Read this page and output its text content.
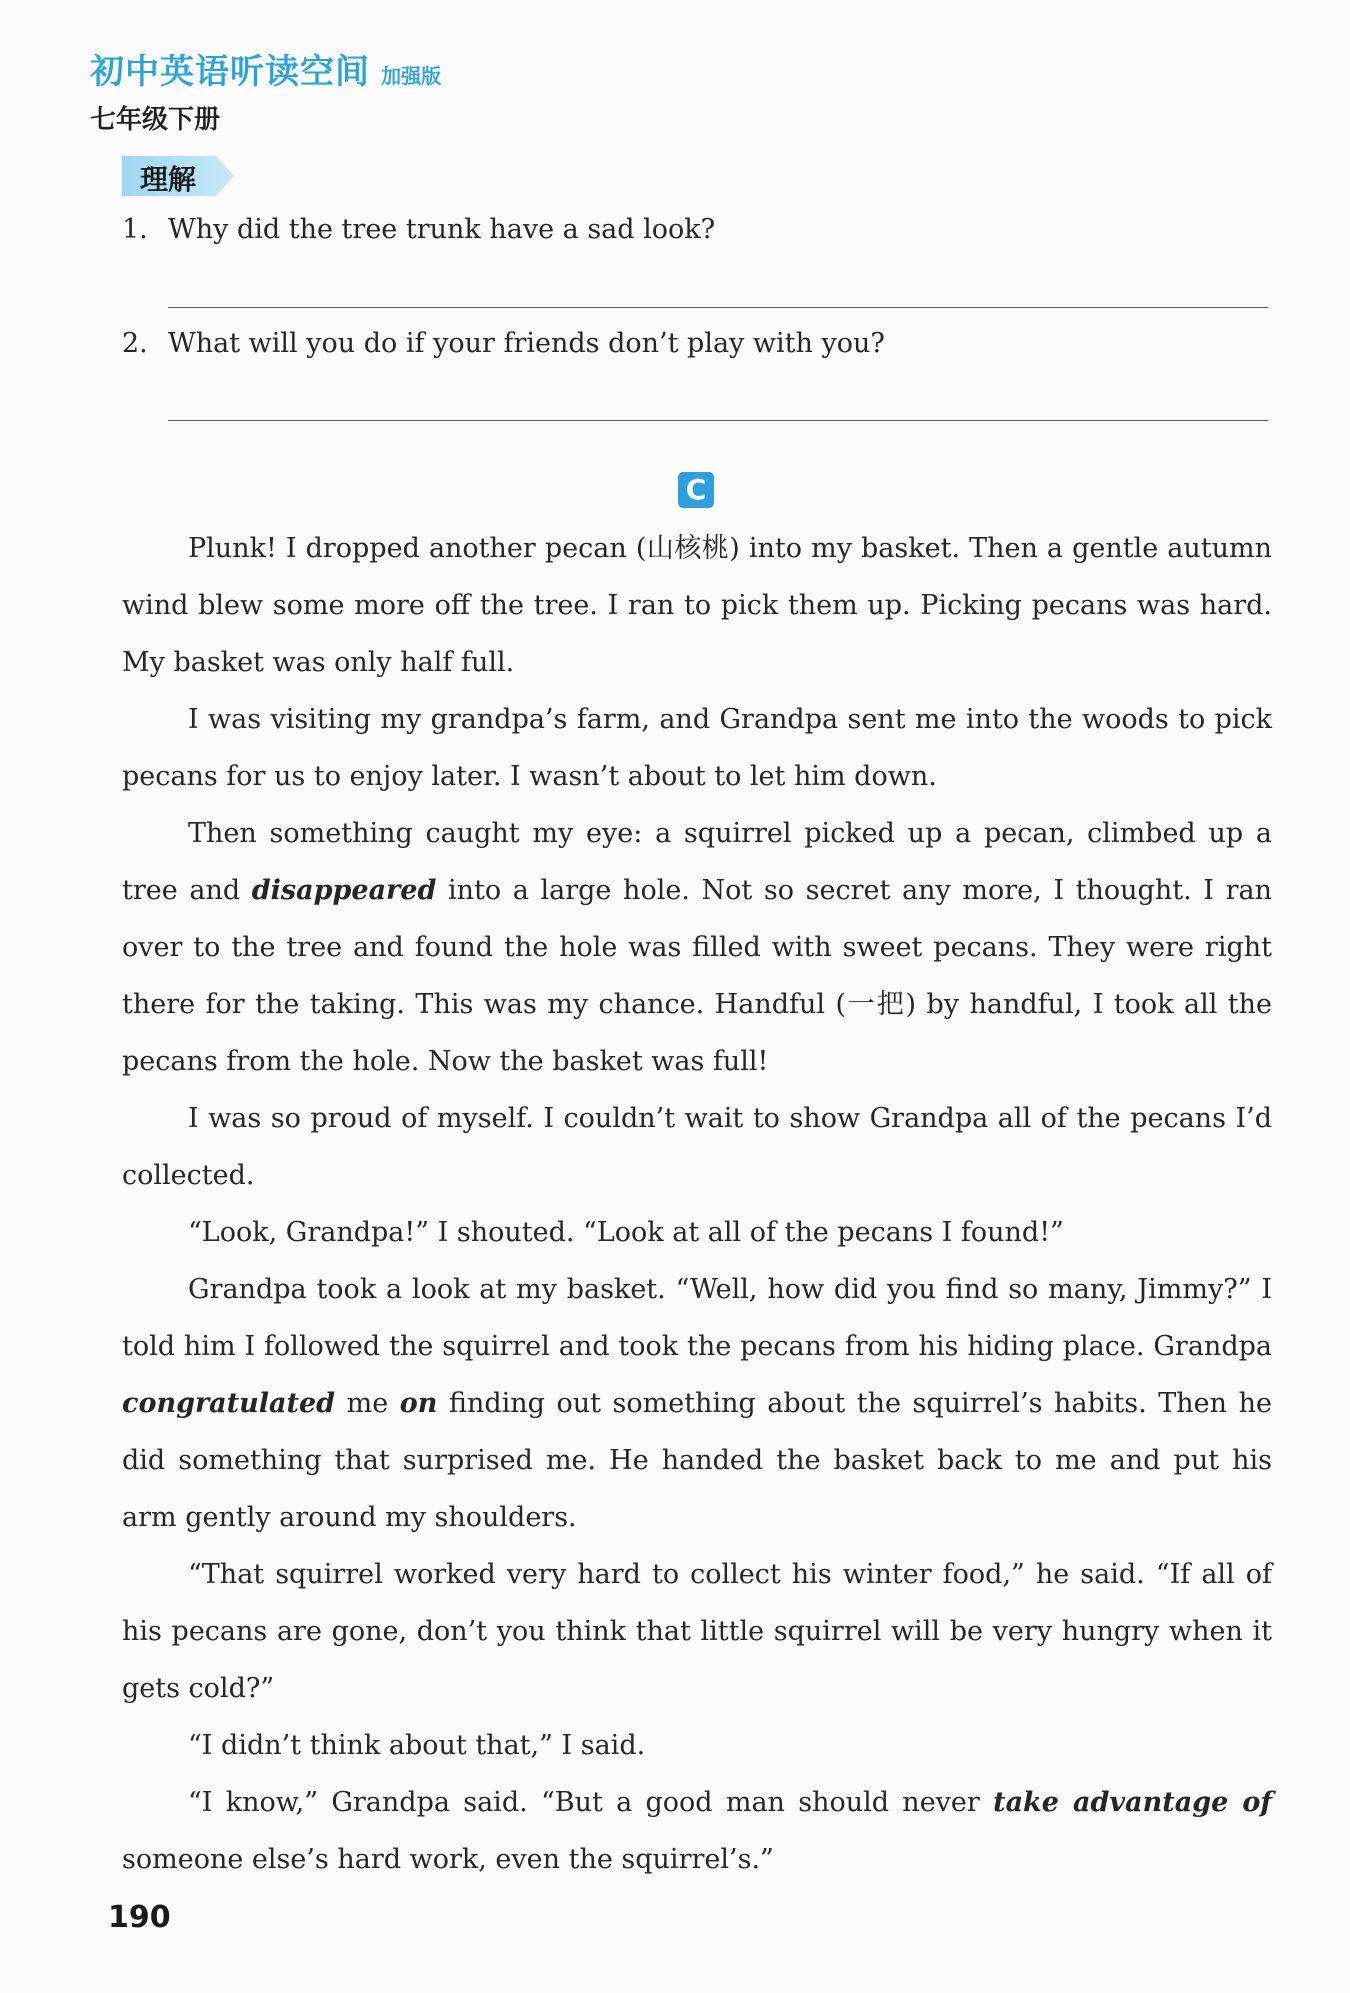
初中英语听读空间 加强版
七年级下册
理解
1. Why did the tree trunk have a sad look?
2. What will you do if your friends don’t play with you?
C

Plunk! I dropped another pecan (山核桃) into my basket. Then a gentle autumn wind blew some more off the tree. I ran to pick them up. Picking pecans was hard. My basket was only half full.

I was visiting my grandpa’s farm, and Grandpa sent me into the woods to pick pecans for us to enjoy later. I wasn’t about to let him down.

Then something caught my eye: a squirrel picked up a pecan, climbed up a tree and disappeared into a large hole. Not so secret any more, I thought. I ran over to the tree and found the hole was filled with sweet pecans. They were right there for the taking. This was my chance. Handful (一把) by handful, I took all the pecans from the hole. Now the basket was full!

I was so proud of myself. I couldn’t wait to show Grandpa all of the pecans I’d collected.

“Look, Grandpa!” I shouted. “Look at all of the pecans I found!”

Grandpa took a look at my basket. “Well, how did you find so many, Jimmy?” I told him I followed the squirrel and took the pecans from his hiding place. Grandpa congratulated me on finding out something about the squirrel’s habits. Then he did something that surprised me. He handed the basket back to me and put his arm gently around my shoulders.

“That squirrel worked very hard to collect his winter food,” he said. “If all of his pecans are gone, don’t you think that little squirrel will be very hungry when it gets cold?”

“I didn’t think about that,” I said.

“I know,” Grandpa said. “But a good man should never take advantage of someone else’s hard work, even the squirrel’s.”

190
